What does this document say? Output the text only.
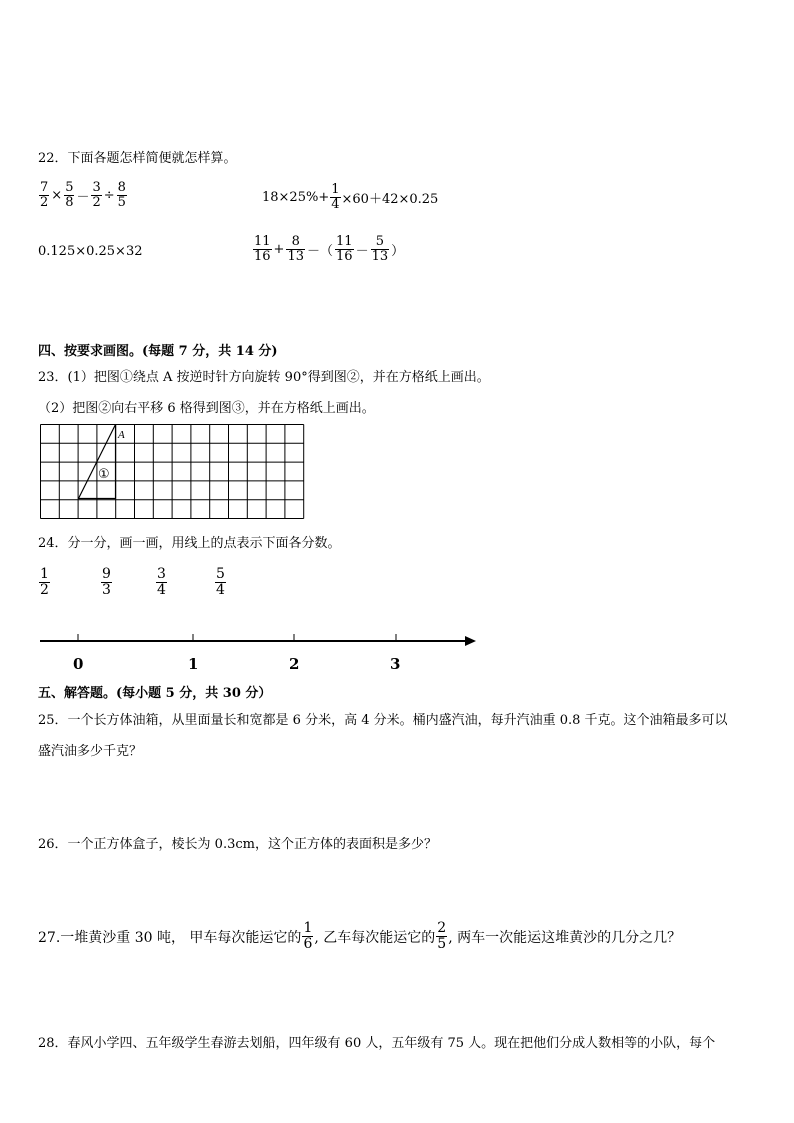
22．下面各题怎样简便就怎样算。
$\frac{7}{2} \times \frac{5}{8} - \frac{3}{2} \div \frac{8}{5}$	$18\times 25\%+ \frac{1}{4} \times 60+42\times 0.25$
0.125×0.25×32	$\frac{11}{16} + \frac{8}{13}$ －（ $\frac{11}{16} - \frac{5}{13}$ ）
四、按要求画图。(每题 7 分，共 14 分)
23．(1）把图①绕点 A 按逆时针方向旋转 90°得到图②，并在方格纸上画出。
（2）把图②向右平移 6 格得到图③，并在方格纸上画出。
A
①
24．分一分，画一画，用线上的点表示下面各分数。
$\frac{1}{2}$	$\frac{9}{3}$	$\frac{3}{4}$	$\frac{5}{4}$
0	1	2	3
五、解答题。(每小题 5 分，共 30 分）
25．一个长方体油箱，从里面量长和宽都是 6 分米，高 4 分米。桶内盛汽油，每升汽油重 0.8 千克。这个油箱最多可以
盛汽油多少千克？
26．一个正方体盒子，棱长为 0.3cm，这个正方体的表面积是多少？
27.一堆黄沙重 30 吨， 甲车每次能运它的 $\frac{1}{6}$ , 乙车每次能运它的 $\frac{2}{5}$ , 两车一次能运这堆黄沙的几分之几？
28．春风小学四、五年级学生春游去划船，四年级有 60 人，五年级有 75 人。现在把他们分成人数相等的小队，每个
